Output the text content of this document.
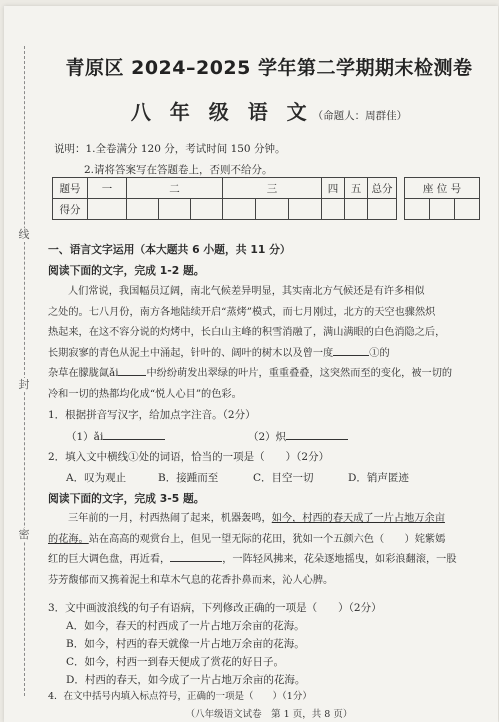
线
封
密
青原区 2024–2025 学年第二学期期末检测卷
八 年 级 语 文（命题人：周群佳）
说明：1.全卷满分 120 分，考试时间 150 分钟。
2.请将答案写在答题卷上，否则不给分。
题号	一	二			三			四	五	总分
得分										
座 位 号

一、语言文字运用（本大题共 6 小题，共 11 分）
阅读下面的文字，完成 1-2 题。
人们常说，我国幅员辽阔，南北气候差异明显，其实南北方气候还是有许多相似
之处的。七八月份，南方各地陆续开启“蒸烤”模式，而七月刚过，北方的天空也骤然炽
热起来，在这不容分说的灼烤中，长白山主峰的积雪消融了，满山满眼的白色消隐之后，
长期寂寥的青色从泥土中涌起，针叶的、阔叶的树木以及曾一度	①的
杂草在朦胧氤ǎi	中纷纷萌发出翠绿的叶片，重重叠叠，这突然而至的变化，被一切的
冷和一切的热都均化成“悦人心目”的色彩。
1．根据拼音写汉字，给加点字注音。（2分）
（1）ǎi	（2）炽
2．填入文中横线①处的词语，恰当的一项是（　　）（2分）
A．叹为观止	B．接踵而至	C．目空一切	D．销声匿迹
阅读下面的文字，完成 3-5 题。
三年前的一月，村西热闹了起来，机器轰鸣，如今，村西的春天成了一片占地万余亩
的花海。站在高高的观赏台上，但见一望无际的花田，犹如一个五颜六色（　　）姹紫嫣
红的巨大调色盘，再近看，	，一阵轻风拂来，花朵逐地摇曳，如彩浪翻滚，一股
芬芳馥郁而又携着泥土和草木气息的花香扑鼻而来，沁人心脾。
3．文中画波浪线的句子有语病，下列修改正确的一项是（　　）（2分）
A．如今，春天的村西成了一片占地万余亩的花海。
B．如今，村西的春天就像一片占地万余亩的花海。
C．如今，村西一到春天便成了赏花的好日子。
D．村西的春天，如今成了一片占地万余亩的花海。
（八年级语文试卷　第 1 页，共 8 页）
4．在文中括号内填入标点符号，正确的一项是（　　）（1分）
